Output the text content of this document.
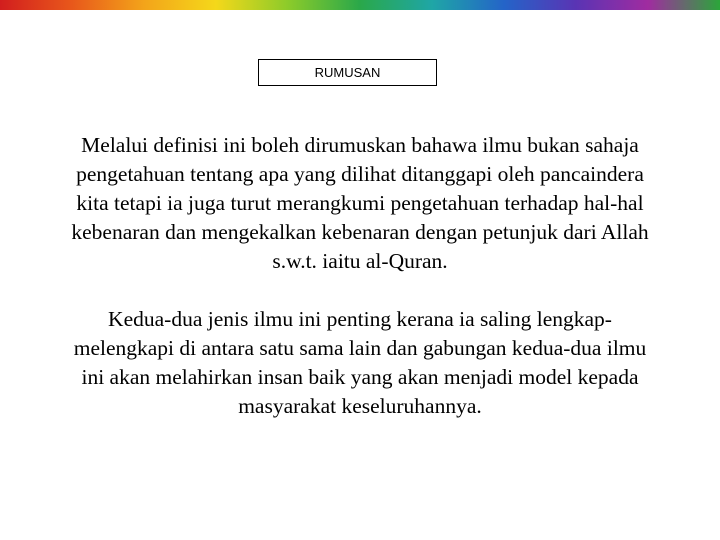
RUMUSAN

Melalui definisi ini boleh dirumuskan bahawa ilmu bukan sahaja pengetahuan tentang apa yang dilihat ditanggapi oleh pancaindera kita tetapi ia juga turut merangkumi pengetahuan terhadap hal-hal kebenaran dan mengekalkan kebenaran dengan petunjuk dari Allah s.w.t. iaitu al-Quran.

Kedua-dua jenis ilmu ini penting kerana ia saling lengkap-melengkapi di antara satu sama lain dan gabungan kedua-dua ilmu ini akan melahirkan insan baik yang akan menjadi model kepada masyarakat keseluruhannya.
